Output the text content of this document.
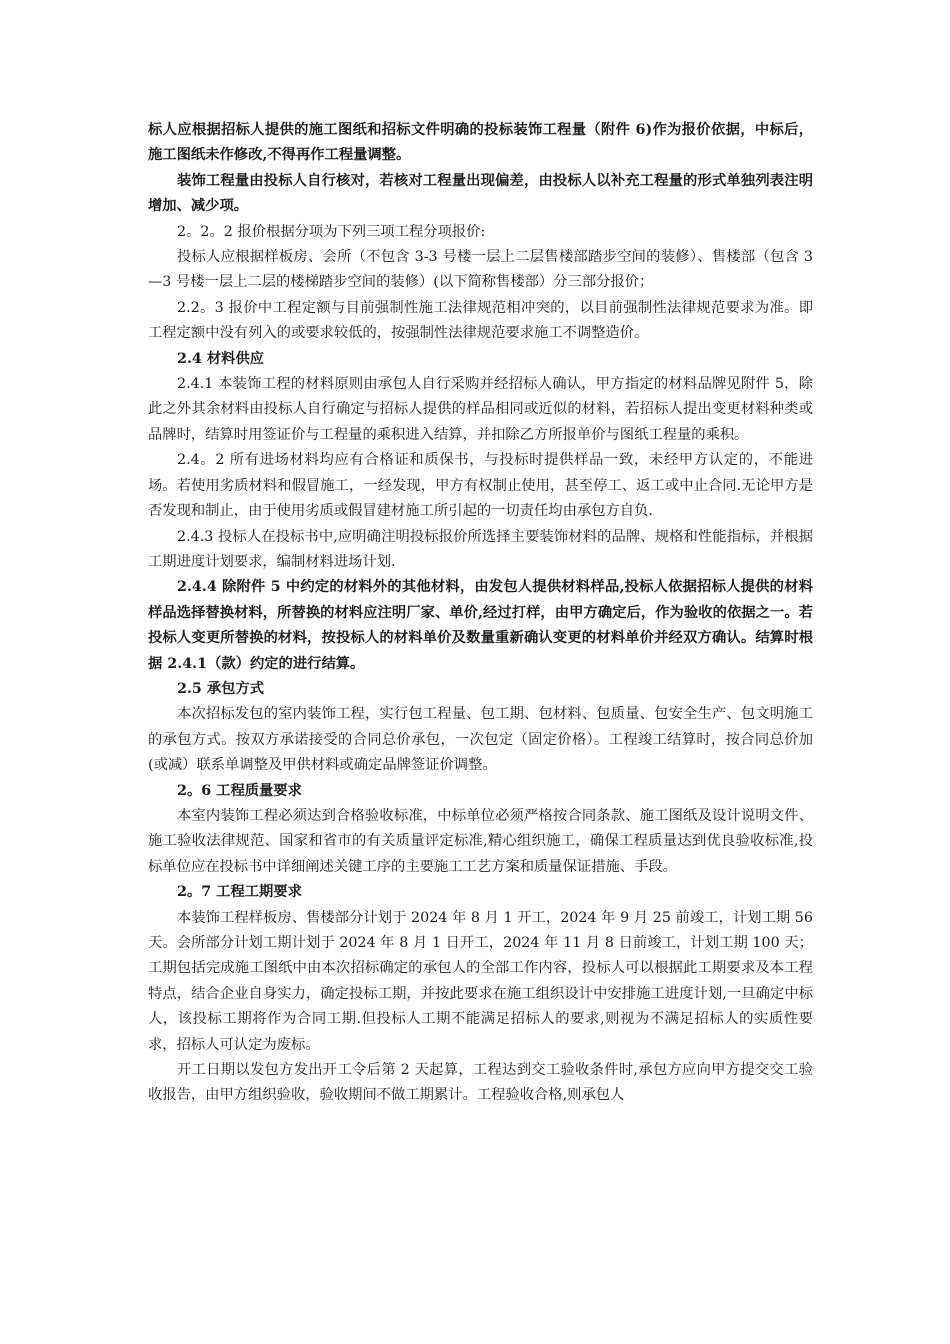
标人应根据招标人提供的施工图纸和招标文件明确的投标装饰工程量（附件 6)作为报价依据，中标后，施工图纸未作修改,不得再作工程量调整。

装饰工程量由投标人自行核对，若核对工程量出现偏差，由投标人以补充工程量的形式单独列表注明增加、减少项。

2。2。2 报价根据分项为下列三项工程分项报价:

投标人应根据样板房、会所（不包含 3-3 号楼一层上二层售楼部踏步空间的装修）、售楼部（包含 3—3 号楼一层上二层的楼梯踏步空间的装修）(以下简称售楼部）分三部分报价；

2.2。3 报价中工程定额与目前强制性施工法律规范相冲突的，以目前强制性法律规范要求为准。即工程定额中没有列入的或要求较低的，按强制性法律规范要求施工不调整造价。

2.4 材料供应

2.4.1 本装饰工程的材料原则由承包人自行采购并经招标人确认，甲方指定的材料品牌见附件 5，除此之外其余材料由投标人自行确定与招标人提供的样品相同或近似的材料，若招标人提出变更材料种类或品牌时，结算时用签证价与工程量的乘积进入结算，并扣除乙方所报单价与图纸工程量的乘积。

2.4。2 所有进场材料均应有合格证和质保书，与投标时提供样品一致，未经甲方认定的，不能进场。若使用劣质材料和假冒施工，一经发现，甲方有权制止使用，甚至停工、返工或中止合同.无论甲方是否发现和制止，由于使用劣质或假冒建材施工所引起的一切责任均由承包方自负.

2.4.3 投标人在投标书中,应明确注明投标报价所选择主要装饰材料的品牌、规格和性能指标，并根据工期进度计划要求，编制材料进场计划.

2.4.4 除附件 5 中约定的材料外的其他材料，由发包人提供材料样品,投标人依据招标人提供的材料样品选择替换材料，所替换的材料应注明厂家、单价,经过打样，由甲方确定后，作为验收的依据之一。若投标人变更所替换的材料，按投标人的材料单价及数量重新确认变更的材料单价并经双方确认。结算时根据 2.4.1（款）约定的进行结算。

2.5 承包方式

本次招标发包的室内装饰工程，实行包工程量、包工期、包材料、包质量、包安全生产、包文明施工的承包方式。按双方承诺接受的合同总价承包，一次包定（固定价格）。工程竣工结算时，按合同总价加(或减）联系单调整及甲供材料或确定品牌签证价调整。

2。6 工程质量要求

本室内装饰工程必须达到合格验收标准，中标单位必须严格按合同条款、施工图纸及设计说明文件、施工验收法律规范、国家和省市的有关质量评定标准,精心组织施工，确保工程质量达到优良验收标准,投标单位应在投标书中详细阐述关键工序的主要施工工艺方案和质量保证措施、手段。

2。7 工程工期要求

本装饰工程样板房、售楼部分计划于 2024 年 8 月 1 开工，2024 年 9 月 25 前竣工，计划工期 56 天。会所部分计划工期计划于 2024 年 8 月 1 日开工，2024 年 11 月 8 日前竣工，计划工期 100 天；工期包括完成施工图纸中由本次招标确定的承包人的全部工作内容，投标人可以根据此工期要求及本工程特点，结合企业自身实力，确定投标工期，并按此要求在施工组织设计中安排施工进度计划,一旦确定中标人，该投标工期将作为合同工期.但投标人工期不能满足招标人的要求,则视为不满足招标人的实质性要求，招标人可认定为废标。

开工日期以发包方发出开工令后第 2 天起算，工程达到交工验收条件时,承包方应向甲方提交交工验收报告，由甲方组织验收，验收期间不做工期累计。工程验收合格,则承包人
